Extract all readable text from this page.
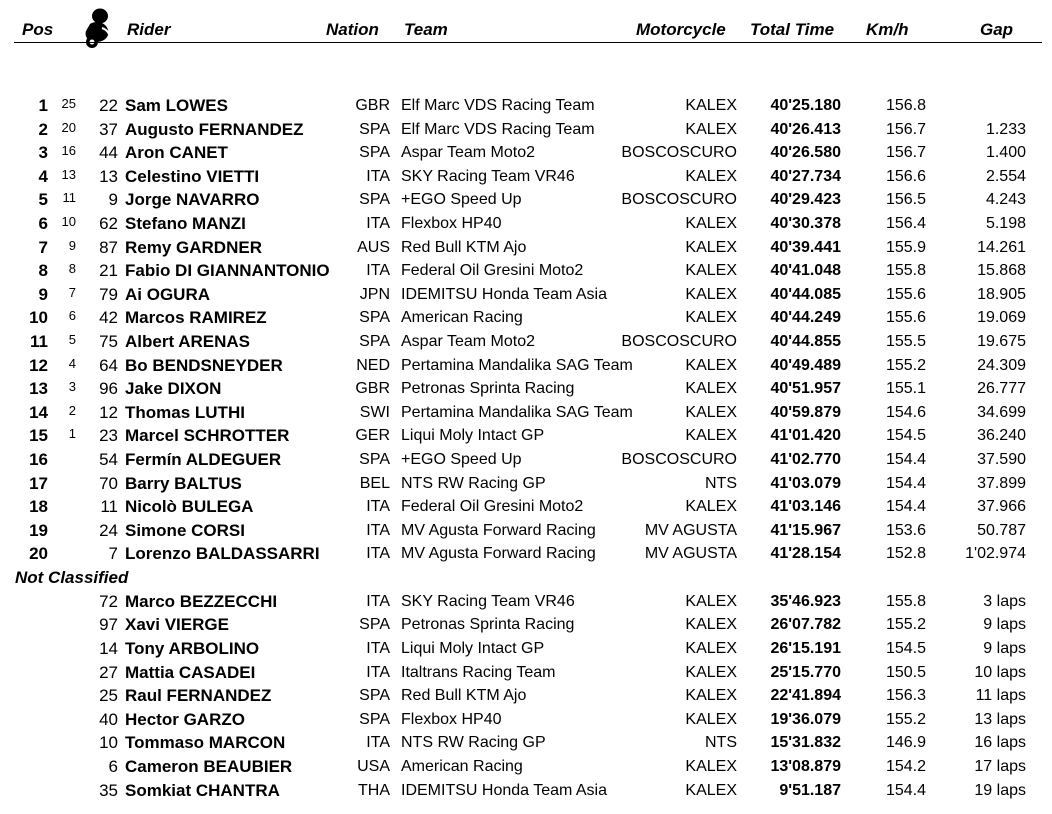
Pos	Rider	Nation Team	Motorcycle Total Time Km/h	Gap
1	25	22 Sam LOWES	GBR Elf Marc VDS Racing Team	KALEX	40'25.180	156.8
2	20	37 Augusto FERNANDEZ	SPA Elf Marc VDS Racing Team	KALEX	40'26.413	156.7	1.233
3	16	44 Aron CANET	SPA Aspar Team Moto2	BOSCOSCURO	40'26.580	156.7	1.400
4	13	13 Celestino VIETTI	ITA SKY Racing Team VR46	KALEX	40'27.734	156.6	2.554
5	11	9 Jorge NAVARRO	SPA +EGO Speed Up	BOSCOSCURO	40'29.423	156.5	4.243
6	10	62 Stefano MANZI	ITA Flexbox HP40	KALEX	40'30.378	156.4	5.198
7	9	87 Remy GARDNER	AUS Red Bull KTM Ajo	KALEX	40'39.441	155.9	14.261
8	8	21 Fabio DI GIANNANTONIO	ITA Federal Oil Gresini Moto2	KALEX	40'41.048	155.8	15.868
9	7	79 Ai OGURA	JPN IDEMITSU Honda Team Asia	KALEX	40'44.085	155.6	18.905
10	6	42 Marcos RAMIREZ	SPA American Racing	KALEX	40'44.249	155.6	19.069
11	5	75 Albert ARENAS	SPA Aspar Team Moto2	BOSCOSCURO	40'44.855	155.5	19.675
12	4	64 Bo BENDSNEYDER	NED Pertamina Mandalika SAG Team	KALEX	40'49.489	155.2	24.309
13	3	96 Jake DIXON	GBR Petronas Sprinta Racing	KALEX	40'51.957	155.1	26.777
14	2	12 Thomas LUTHI	SWI Pertamina Mandalika SAG Team	KALEX	40'59.879	154.6	34.699
15	1	23 Marcel SCHROTTER	GER Liqui Moly Intact GP	KALEX	41'01.420	154.5	36.240
16	54 Fermín ALDEGUER	SPA +EGO Speed Up	BOSCOSCURO	41'02.770	154.4	37.590
17	70 Barry BALTUS	BEL NTS RW Racing GP	NTS	41'03.079	154.4	37.899
18	11 Nicolò BULEGA	ITA Federal Oil Gresini Moto2	KALEX	41'03.146	154.4	37.966
19	24 Simone CORSI	ITA MV Agusta Forward Racing	MV AGUSTA	41'15.967	153.6	50.787
20	7 Lorenzo BALDASSARRI	ITA MV Agusta Forward Racing	MV AGUSTA	41'28.154	152.8	1'02.974
Not Classified
72 Marco BEZZECCHI	ITA SKY Racing Team VR46	KALEX	35'46.923	155.8	3 laps
97 Xavi VIERGE	SPA Petronas Sprinta Racing	KALEX	26'07.782	155.2	9 laps
14 Tony ARBOLINO	ITA Liqui Moly Intact GP	KALEX	26'15.191	154.5	9 laps
27 Mattia CASADEI	ITA Italtrans Racing Team	KALEX	25'15.770	150.5	10 laps
25 Raul FERNANDEZ	SPA Red Bull KTM Ajo	KALEX	22'41.894	156.3	11 laps
40 Hector GARZO	SPA Flexbox HP40	KALEX	19'36.079	155.2	13 laps
10 Tommaso MARCON	ITA NTS RW Racing GP	NTS	15'31.832	146.9	16 laps
6 Cameron BEAUBIER	USA American Racing	KALEX	13'08.879	154.2	17 laps
35 Somkiat CHANTRA	THA IDEMITSU Honda Team Asia	KALEX	9'51.187	154.4	19 laps
